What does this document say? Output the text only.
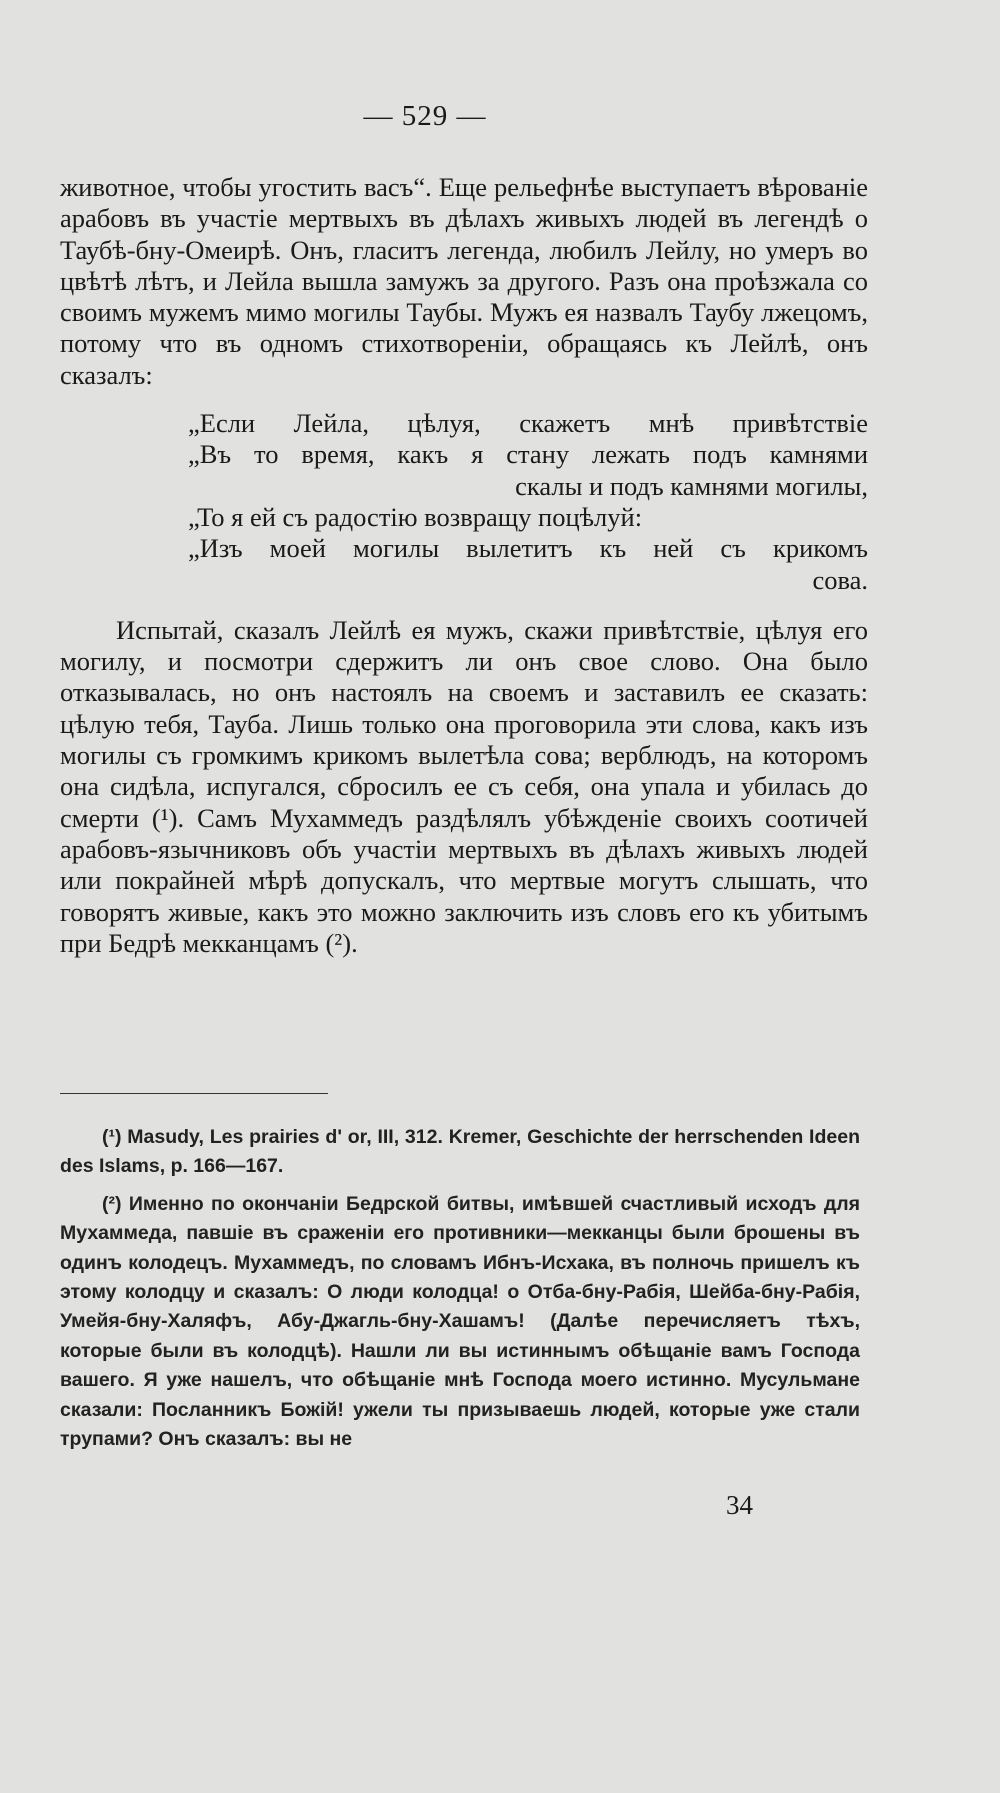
— 529 —

животное, чтобы угостить васъ“. Еще рельефнѣе выступаетъ вѣрованіе арабовъ въ участіе мертвыхъ въ дѣлахъ живыхъ людей въ легендѣ о Таубѣ-бну-Омеирѣ. Онъ, гласитъ легенда, любилъ Лейлу, но умеръ во цвѣтѣ лѣтъ, и Лейла вышла замужъ за другого. Разъ она проѣзжала со своимъ мужемъ мимо могилы Таубы. Мужъ ея назвалъ Таубу лжецомъ, потому что въ одномъ стихотвореніи, обращаясь къ Лейлѣ, онъ сказалъ:

„Если Лейла, цѣлуя, скажетъ мнѣ привѣтствіе

„Въ то время, какъ я стану лежать подъ камнями

скалы и подъ камнями могилы,

„То я ей съ радостію возвращу поцѣлуй:

„Изъ моей могилы вылетитъ къ ней съ крикомъ

сова.

Испытай, сказалъ Лейлѣ ея мужъ, скажи привѣтствіе, цѣлуя его могилу, и посмотри сдержитъ ли онъ свое слово. Она было отказывалась, но онъ настоялъ на своемъ и заставилъ ее сказать: цѣлую тебя, Тауба. Лишь только она проговорила эти слова, какъ изъ могилы съ громкимъ крикомъ вылетѣла сова; верблюдъ, на которомъ она сидѣла, испугался, сбросилъ ее съ себя, она упала и убилась до смерти (¹). Самъ Мухаммедъ раздѣлялъ убѣжденіе своихъ соотичей арабовъ-язычниковъ объ участіи мертвыхъ въ дѣлахъ живыхъ людей или покрайней мѣрѣ допускалъ, что мертвые могутъ слышать, что говорятъ живые, какъ это можно заключить изъ словъ его къ убитымъ при Бедрѣ мекканцамъ (²).

(¹) Masudy, Les prairies d' or, III, 312. Kremer, Geschichte der herrschenden Ideen des Islams, p. 166—167.

(²) Именно по окончаніи Бедрской битвы, имѣвшей счастливый исходъ для Мухаммеда, павшіе въ сраженіи его противники—мекканцы были брошены въ одинъ колодецъ. Мухаммедъ, по словамъ Ибнъ-Исхака, въ полночь пришелъ къ этому колодцу и сказалъ: О люди колодца! о Отба-бну-Рабія, Шейба-бну-Рабія, Умейя-бну-Халяфъ, Абу-Джагль-бну-Хашамъ! (Далѣе перечисляетъ тѣхъ, которые были въ колодцѣ). Нашли ли вы истиннымъ обѣщаніе вамъ Господа вашего. Я уже нашелъ, что обѣщаніе мнѣ Господа моего истинно. Мусульмане сказали: Посланникъ Божій! ужели ты призываешь людей, которые уже стали трупами? Онъ сказалъ: вы не

34
